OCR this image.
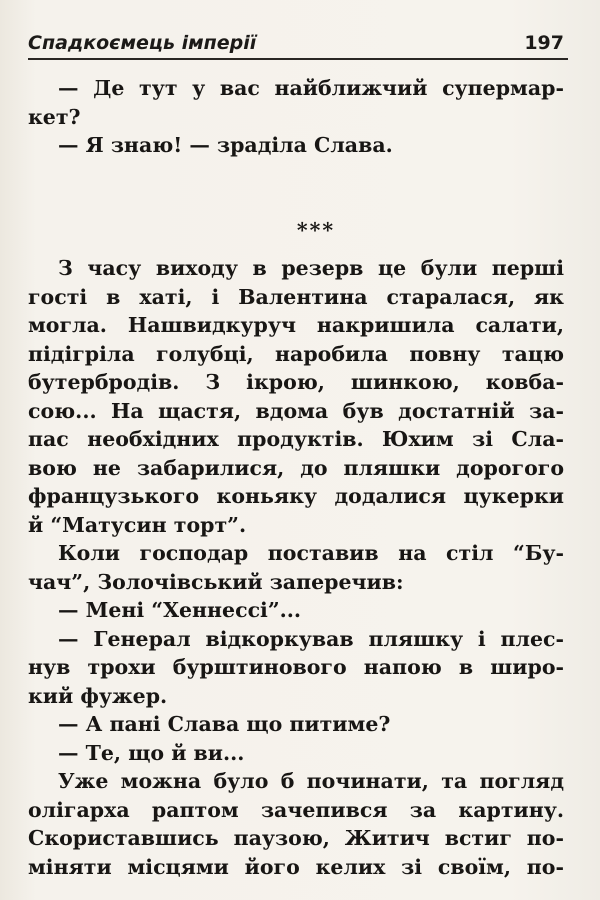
Спадкоємець імперії	197
— Де тут у вас найближчий супермар-
кет?
— Я знаю! — зраділа Слава.
***
З часу виходу в резерв це були перші
гості в хаті, і Валентина старалася, як
могла. Нашвидкуруч накришила салати,
підігріла голубці, наробила повну тацю
бутербродів. З ікрою, шинкою, ковба-
сою... На щастя, вдома був достатній за-
пас необхідних продуктів. Юхим зі Сла-
вою не забарилися, до пляшки дорогого
французького коньяку додалися цукерки
й “Матусин торт”.
Коли господар поставив на стіл “Бу-
чач”, Золочівський заперечив:
— Мені “Хеннессі”...
— Генерал відкоркував пляшку і плес-
нув трохи бурштинового напою в широ-
кий фужер.
— А пані Слава що питиме?
— Те, що й ви...
Уже можна було б починати, та погляд
олігарха раптом зачепився за картину.
Скориставшись паузою, Житич встиг по-
міняти місцями його келих зі своїм, по-
